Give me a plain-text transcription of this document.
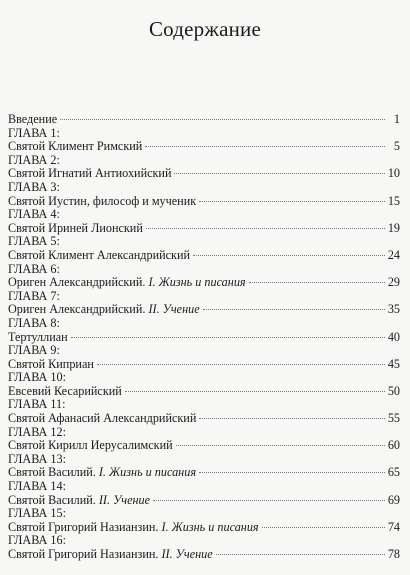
Содержание
Введение	1
ГЛАВА 1:
Святой Климент Римский	5
ГЛАВА 2:
Святой Игнатий Антиохийский	10
ГЛАВА 3:
Святой Иустин, философ и мученик	15
ГЛАВА 4:
Святой Ириней Лионский	19
ГЛАВА 5:
Святой Климент Александрийский	24
ГЛАВА 6:
Ориген Александрийский. I. Жизнь и писания	29
ГЛАВА 7:
Ориген Александрийский. II. Учение	35
ГЛАВА 8:
Тертуллиан	40
ГЛАВА 9:
Святой Киприан	45
ГЛАВА 10:
Евсевий Кесарийский	50
ГЛАВА 11:
Святой Афанасий Александрийский	55
ГЛАВА 12:
Святой Кирилл Иерусалимский	60
ГЛАВА 13:
Святой Василий. I. Жизнь и писания	65
ГЛАВА 14:
Святой Василий. II. Учение	69
ГЛАВА 15:
Святой Григорий Назианзин. I. Жизнь и писания	74
ГЛАВА 16:
Святой Григорий Назианзин. II. Учение	78
